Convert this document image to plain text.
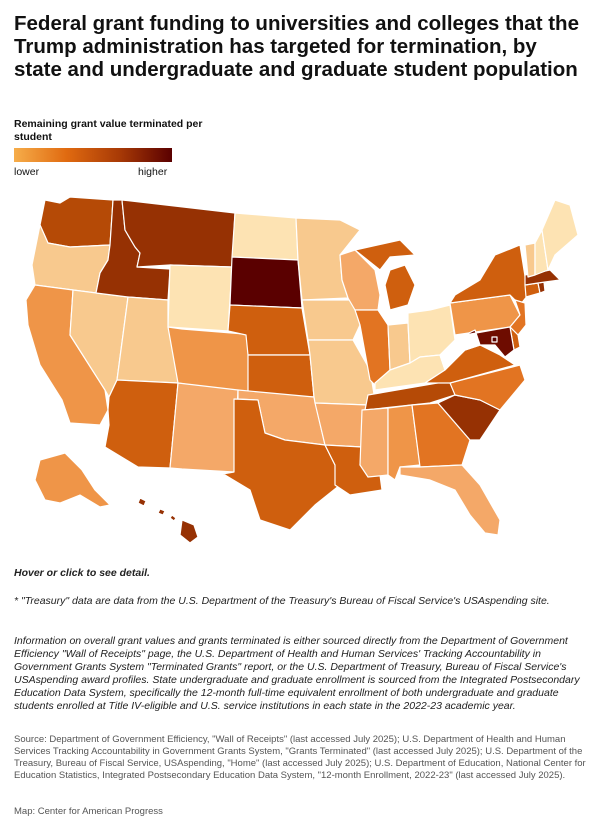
Federal grant funding to universities and colleges that the Trump administration has targeted for termination, by state and undergraduate and graduate student population
Remaining grant value terminated per student
lower	higher
Hover or click to see detail.
* "Treasury" data are data from the U.S. Department of the Treasury's Bureau of Fiscal Service's USAspending site.
Information on overall grant values and grants terminated is either sourced directly from the Department of Government Efficiency "Wall of Receipts" page, the U.S. Department of Health and Human Services' Tracking Accountability in Government Grants System "Terminated Grants" report, or the U.S. Department of Treasury, Bureau of Fiscal Service's USAspending award profiles. State undergraduate and graduate enrollment is sourced from the Integrated Postsecondary Education Data System, specifically the 12-month full-time equivalent enrollment of both undergraduate and graduate students enrolled at Title IV-eligible and U.S. service institutions in each state in the 2022-23 academic year.
Source: Department of Government Efficiency, "Wall of Receipts" (last accessed July 2025); U.S. Department of Health and Human Services Tracking Accountability in Government Grants System, "Grants Terminated" (last accessed July 2025); U.S. Department of the Treasury, Bureau of Fiscal Service, USAspending, "Home" (last accessed July 2025); U.S. Department of Education, National Center for Education Statistics, Integrated Postsecondary Education Data System, "12-month Enrollment, 2022-23" (last accessed July 2025).
Map: Center for American Progress
